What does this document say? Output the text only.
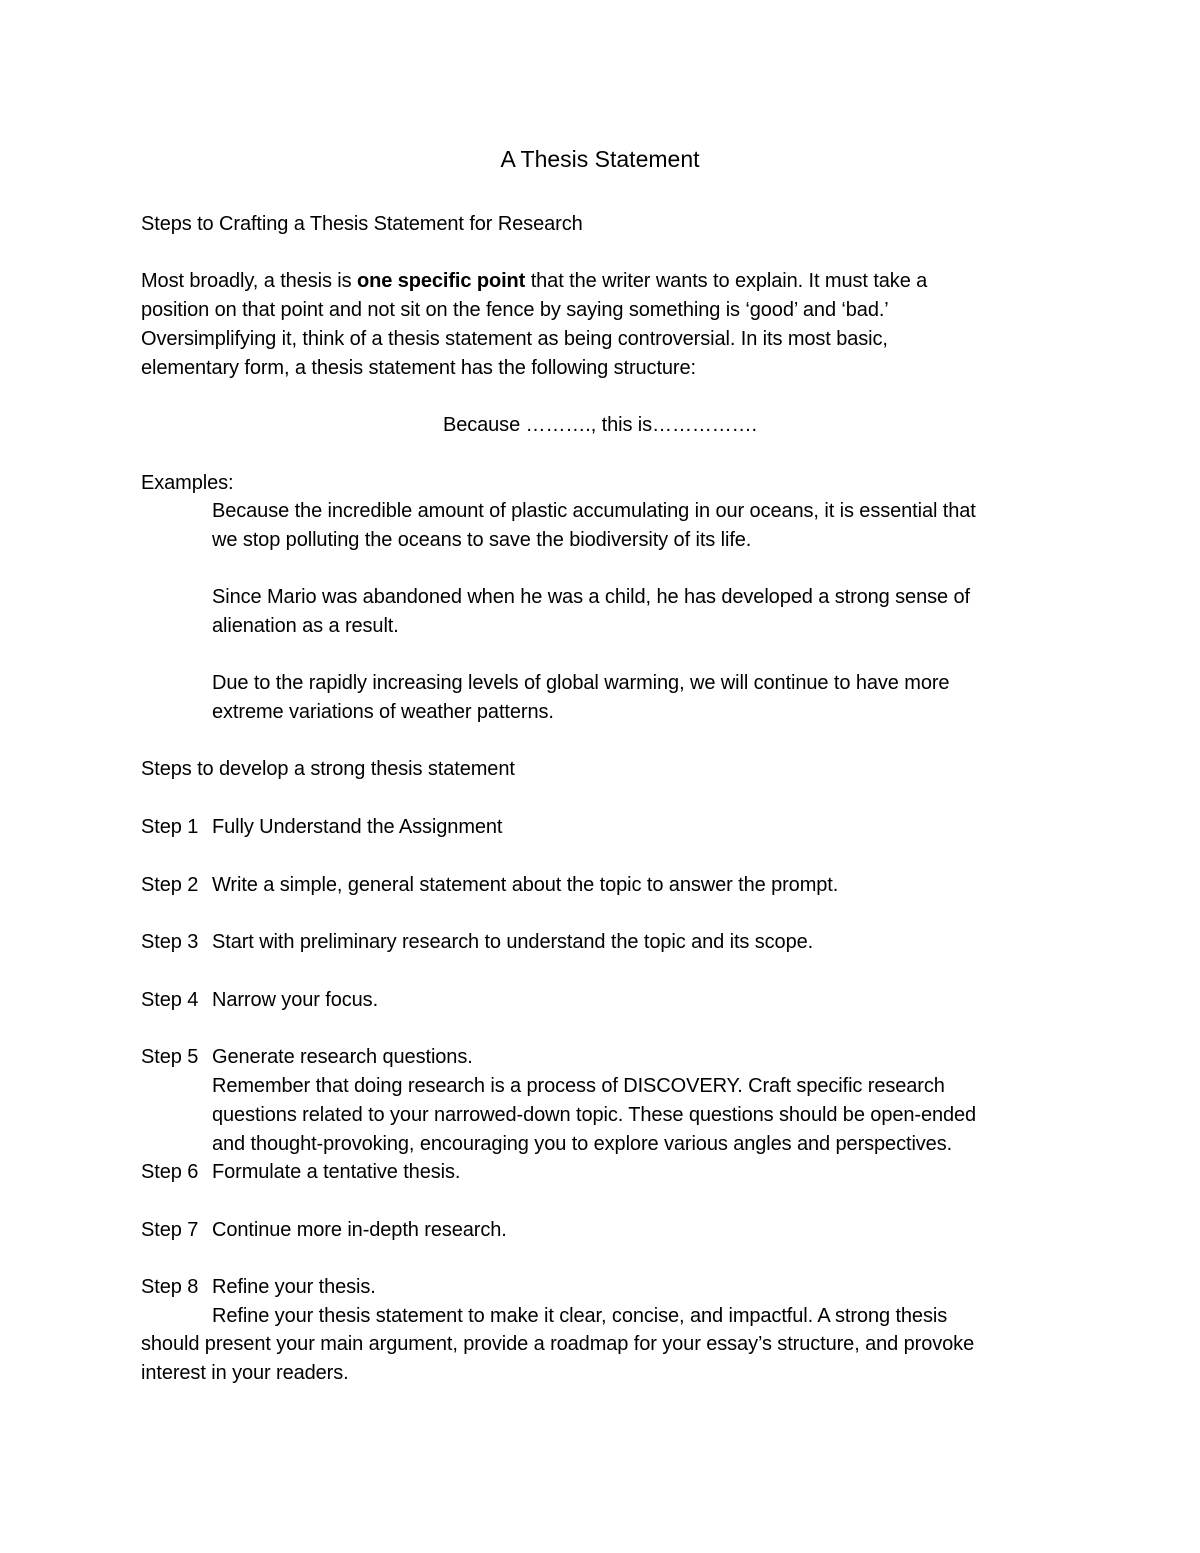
A Thesis Statement
Steps to Crafting a Thesis Statement for Research
Most broadly, a thesis is one specific point that the writer wants to explain. It must take a
position on that point and not sit on the fence by saying something is ‘good’ and ‘bad.’
Oversimplifying it, think of a thesis statement as being controversial. In its most basic,
elementary form, a thesis statement has the following structure:
Because ………., this is…………….
Examples:
Because the incredible amount of plastic accumulating in our oceans, it is essential that
we stop polluting the oceans to save the biodiversity of its life.
Since Mario was abandoned when he was a child, he has developed a strong sense of
alienation as a result.
Due to the rapidly increasing levels of global warming, we will continue to have more
extreme variations of weather patterns.
Steps to develop a strong thesis statement
Step 1 Fully Understand the Assignment
Step 2 Write a simple, general statement about the topic to answer the prompt.
Step 3 Start with preliminary research to understand the topic and its scope.
Step 4 Narrow your focus.
Step 5 Generate research questions.
Remember that doing research is a process of DISCOVERY. Craft specific research
questions related to your narrowed-down topic. These questions should be open-ended
and thought-provoking, encouraging you to explore various angles and perspectives.
Step 6 Formulate a tentative thesis.
Step 7 Continue more in-depth research.
Step 8 Refine your thesis.
Refine your thesis statement to make it clear, concise, and impactful. A strong thesis
should present your main argument, provide a roadmap for your essay’s structure, and provoke
interest in your readers.
